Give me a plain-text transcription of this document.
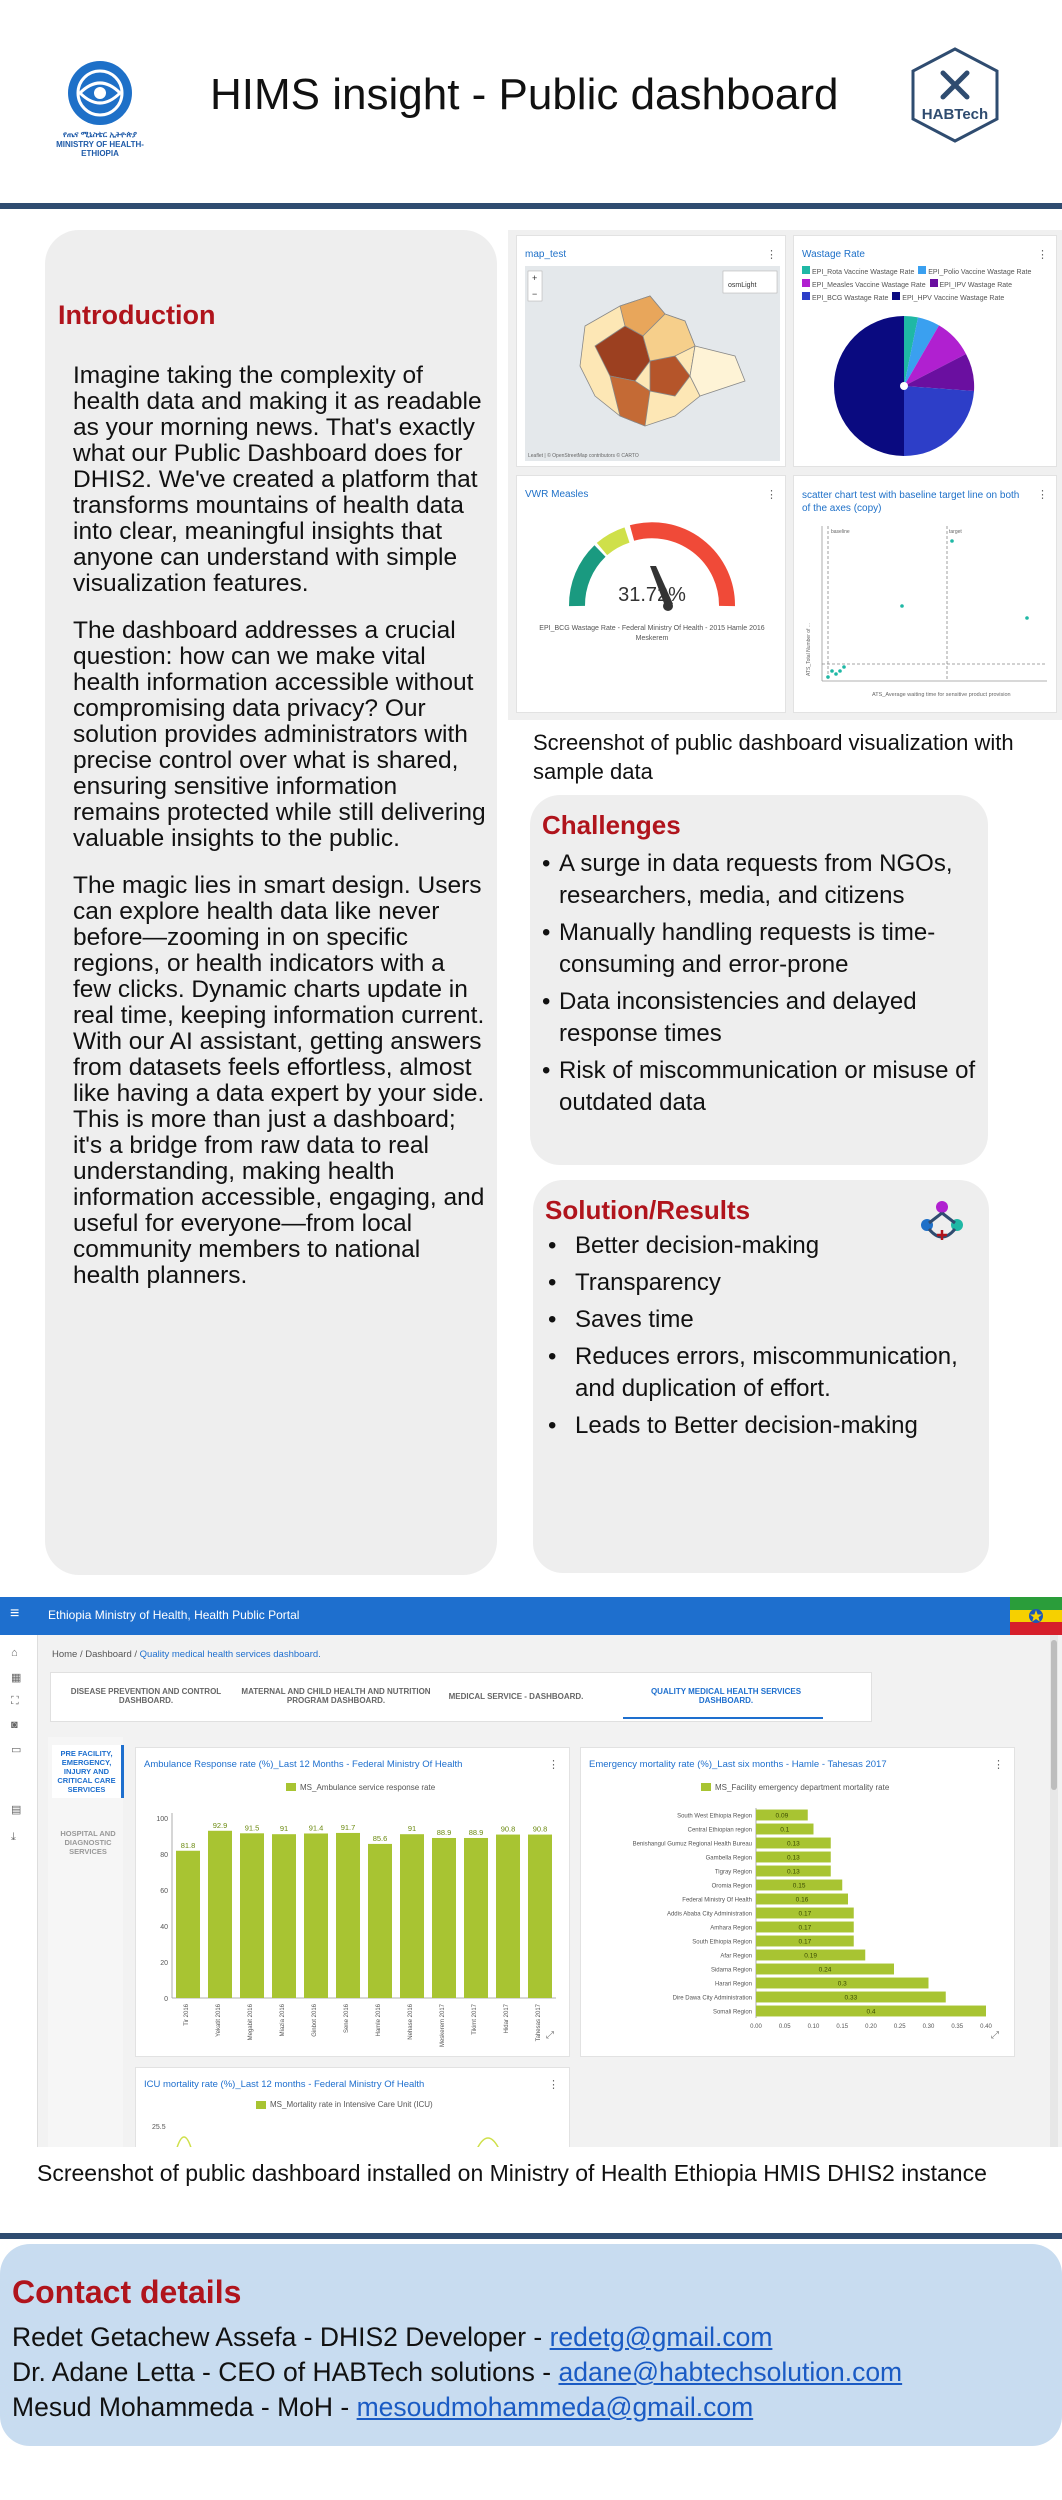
የጤና ሚኒስቴር ኢትዮጵያ
MINISTRY OF HEALTH-ETHIOPIA
HIMS insight - Public dashboard	HABTech
Introduction

Imagine taking the complexity of health data and making it as readable as your morning news. That's exactly what our Public Dashboard does for DHIS2. We've created a platform that transforms mountains of health data into clear, meaningful insights that anyone can understand with simple visualization features.

The dashboard addresses a crucial question: how can we make vital health information accessible without compromising data privacy? Our solution provides administrators with precise control over what is shared, ensuring sensitive information remains protected while still delivering valuable insights to the public.

The magic lies in smart design. Users can explore health data like never before—zooming in on specific regions, or health indicators with a few clicks. Dynamic charts update in real time, keeping information current. With our AI assistant, getting answers from datasets feels effortless, almost like having a data expert by your side.

This is more than just a dashboard; it's a bridge from raw data to real understanding, making health information accessible, engaging, and useful for everyone—from local community members to national health planners.

map_test	⋮
+
−
osmLight
Leaflet | © OpenStreetMap contributors © CARTO
Wastage Rate	⋮
EPI_Rota Vaccine Wastage Rate EPI_Polio Vaccine Wastage Rate
EPI_Measles Vaccine Wastage Rate EPI_IPV Wastage Rate
EPI_BCG Wastage Rate EPI_HPV Vaccine Wastage Rate
VWR Measles	⋮
31.72%
EPI_BCG Wastage Rate - Federal Ministry Of Health - 2015 Hamle 2016 Meskerem
scatter chart test with baseline target line on both of the axes (copy)
⋮
baseline	target
ATS_Average waiting time for sensitive product provision
ATS_Total Number of ...
Screenshot of public dashboard visualization with sample data
Challenges
• A surge in data requests from NGOs, researchers, media, and citizens
• Manually handling requests is time-consuming and error-prone
• Data inconsistencies and delayed response times
• Risk of miscommunication or misuse of outdated data
Solution/Results
• Better decision-making
• Transparency
• Saves time
• Reduces errors, miscommunication, and duplication of effort.
• Leads to Better decision-making
≡ Ethiopia Ministry of Health, Health Public Portal
⌂
▦
⛶
◙
▭
▤
⤓
Home / Dashboard / Quality medical health services dashboard.
DISEASE PREVENTION AND CONTROL DASHBOARD.
MATERNAL AND CHILD HEALTH AND NUTRITION PROGRAM DASHBOARD.	MEDICAL SERVICE - DASHBOARD.
QUALITY MEDICAL HEALTH SERVICES DASHBOARD.
PRE FACILITY, EMERGENCY, INJURY AND CRITICAL CARE SERVICES
HOSPITAL AND DIAGNOSTIC SERVICES
Ambulance Response rate (%)_Last 12 Months - Federal Ministry Of Health	⋮
MS_Ambulance service response rate
0
20
40
60
80
100
81.8
Tir 2016
92.9
Yekatit 2016
91.5
Megabit 2016
91
Miazia 2016
91.4
Ginbot 2016
91.7
Sene 2016
85.6
Hamle 2016
91
Nehase 2016
88.9
Meskerem 2017
88.9
Tikimt 2017
90.8
Hidar 2017
90.8
Tahesas 2017 ⤢
Emergency mortality rate (%)_Last six months - Hamle - Tahesas 2017	⋮
MS_Facility emergency department mortality rate
0.09
South West Ethiopia Region
0.1
Central Ethiopian region
0.13
Benishangul Gumuz Regional Health Bureau
0.13
Gambella Region
0.13
Tigray Region
0.15
Oromia Region
0.16
Federal Ministry Of Health
0.17
Addis Ababa City Administration
0.17
Amhara Region
0.17
South Ethiopia Region
0.19
Afar Region
0.24
Sidama Region
0.3
Harari Region
0.33
Dire Dawa City Administration
0.4
Somali Region
0.00	0.05	0.10	0.15	0.20	0.25	0.30	0.35	0.40
⤢
ICU mortality rate (%)_Last 12 months - Federal Ministry Of Health	⋮
MS_Mortality rate in Intensive Care Unit (ICU)
25.5
Screenshot of public dashboard installed on Ministry of Health Ethiopia HMIS DHIS2 instance
Contact details
Redet Getachew Assefa - DHIS2 Developer - redetg@gmail.com
Dr. Adane Letta - CEO of HABTech solutions - adane@habtechsolution.com
Mesud Mohammeda - MoH - mesoudmohammeda@gmail.com
